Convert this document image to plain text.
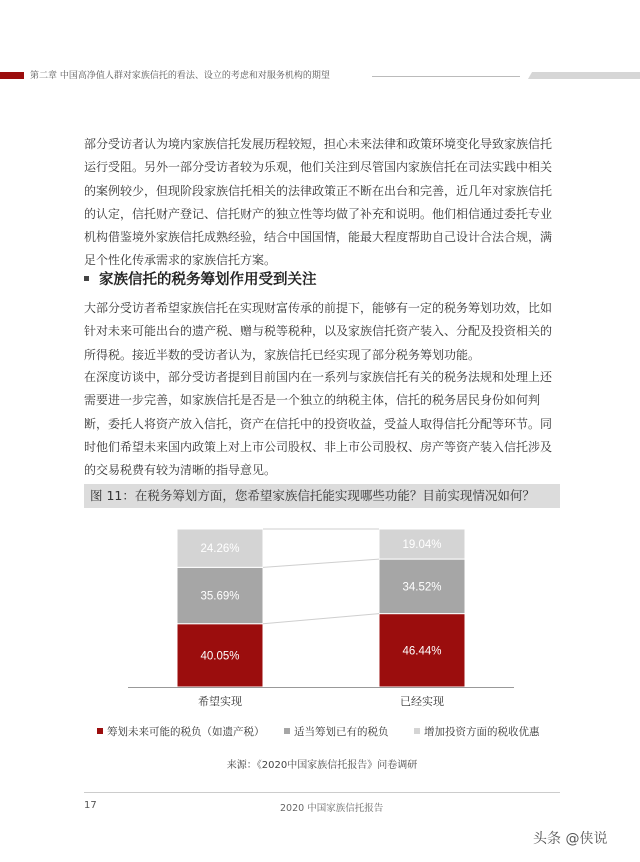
第二章 中国高净值人群对家族信托的看法、设立的考虑和对服务机构的期望

部分受访者认为境内家族信托发展历程较短，担心未来法律和政策环境变化导致家族信托运行受阻。另外一部分受访者较为乐观，他们关注到尽管国内家族信托在司法实践中相关的案例较少，但现阶段家族信托相关的法律政策正不断在出台和完善，近几年对家族信托的认定，信托财产登记、信托财产的独立性等均做了补充和说明。他们相信通过委托专业机构借鉴境外家族信托成熟经验，结合中国国情，能最大程度帮助自己设计合法合规，满足个性化传承需求的家族信托方案。

家族信托的税务筹划作用受到关注

大部分受访者希望家族信托在实现财富传承的前提下，能够有一定的税务筹划功效，比如针对未来可能出台的遗产税、赠与税等税种，以及家族信托资产装入、分配及投资相关的所得税。接近半数的受访者认为，家族信托已经实现了部分税务筹划功能。

在深度访谈中，部分受访者提到目前国内在一系列与家族信托有关的税务法规和处理上还需要进一步完善，如家族信托是否是一个独立的纳税主体，信托的税务居民身份如何判断，委托人将资产放入信托，资产在信托中的投资收益，受益人取得信托分配等环节。同时他们希望未来国内政策上对上市公司股权、非上市公司股权、房产等资产装入信托涉及的交易税费有较为清晰的指导意见。

图 11：在税务筹划方面，您希望家族信托能实现哪些功能？目前实现情况如何？
40.05%
35.69%
24.26%
46.44%
34.52%
19.04%
希望实现	已经实现
筹划未来可能的税负（如遗产税）	适当筹划已有的税负	增加投资方面的税收优惠
来源：《2020中国家族信托报告》问卷调研
17	2020 中国家族信托报告
头条 @侠说
